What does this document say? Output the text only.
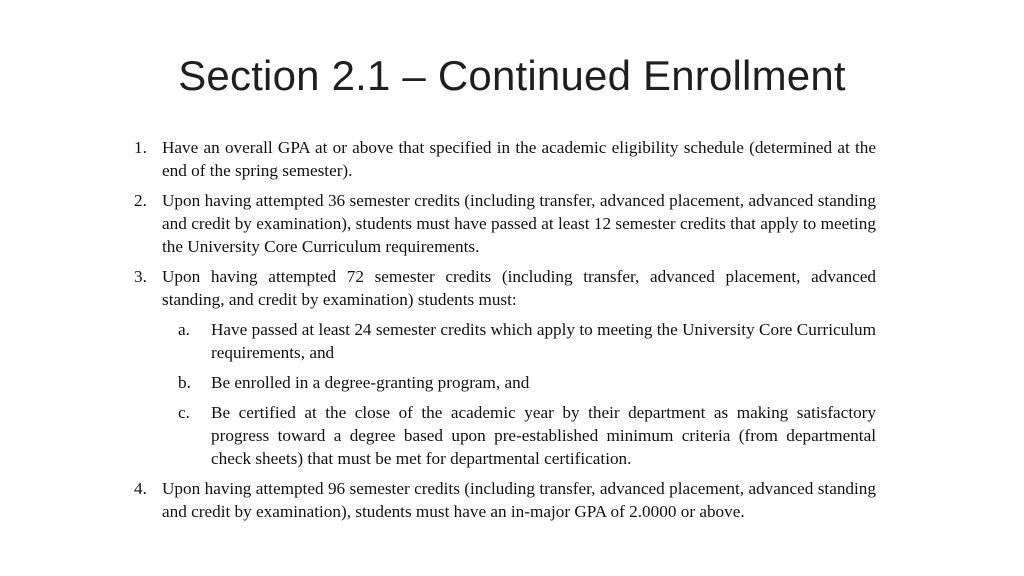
Section 2.1 – Continued Enrollment
1. Have an overall GPA at or above that specified in the academic eligibility schedule (determined at the end of the spring semester).
2. Upon having attempted 36 semester credits (including transfer, advanced placement, advanced standing and credit by examination), students must have passed at least 12 semester credits that apply to meeting the University Core Curriculum requirements.
3. Upon having attempted 72 semester credits (including transfer, advanced placement, advanced standing, and credit by examination) students must:
a. Have passed at least 24 semester credits which apply to meeting the University Core Curriculum requirements, and
b. Be enrolled in a degree-granting program, and
c. Be certified at the close of the academic year by their department as making satisfactory progress toward a degree based upon pre-established minimum criteria (from departmental check sheets) that must be met for departmental certification.
4. Upon having attempted 96 semester credits (including transfer, advanced placement, advanced standing and credit by examination), students must have an in-major GPA of 2.0000 or above.
